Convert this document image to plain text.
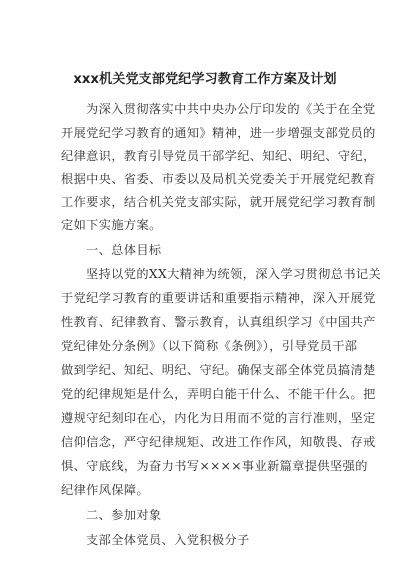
xxx机关党支部党纪学习教育工作方案及计划
为深入贯彻落实中共中央办公厅印发的《关于在全党
开展党纪学习教育的通知》精神，进一步增强支部党员的
纪律意识，教育引导党员干部学纪、知纪、明纪、守纪，
根据中央、省委、市委以及局机关党委关于开展党纪教育
工作要求，结合机关党支部实际，就开展党纪学习教育制
定如下实施方案。
一、总体目标
坚持以党的XX大精神为统领，深入学习贯彻总书记关
于党纪学习教育的重要讲话和重要指示精神，深入开展党
性教育、纪律教育、警示教育，认真组织学习《中国共产
党纪律处分条例》（以下简称《条例》），引导党员干部
做到学纪、知纪、明纪、守纪。确保支部全体党员搞清楚
党的纪律规矩是什么，弄明白能干什么、不能干什么。把
遵规守纪刻印在心，内化为日用而不觉的言行准则，坚定
信仰信念，严守纪律规矩、改进工作作风，知敬畏、存戒
惧、守底线，为奋力书写××××事业新篇章提供坚强的
纪律作风保障。
二、参加对象
支部全体党员、入党积极分子
